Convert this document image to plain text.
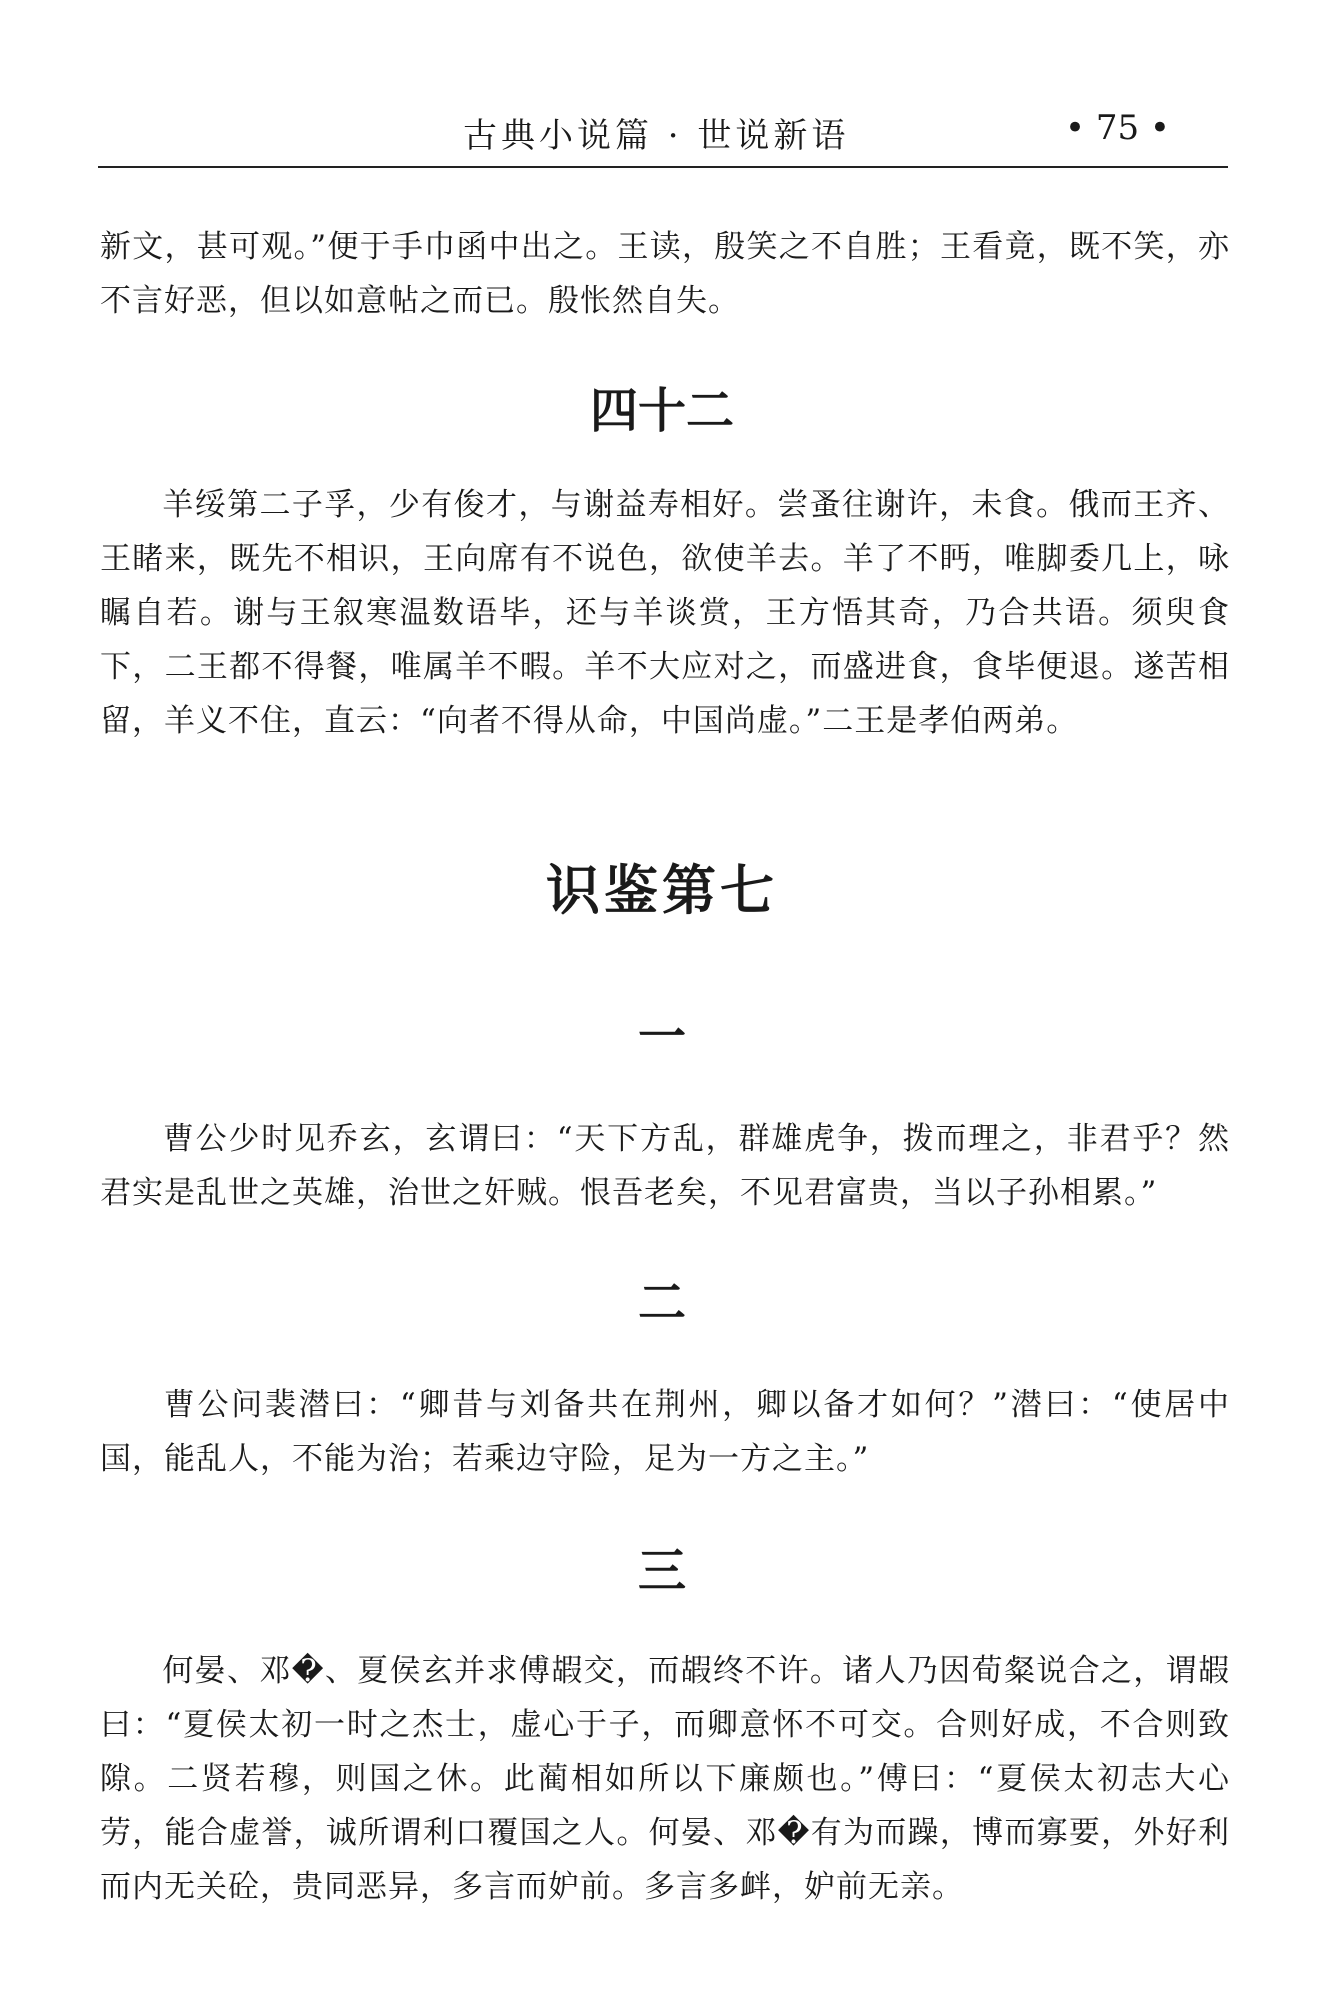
古典小说篇 · 世说新语	• 75 •
新文，甚可观。”便于手巾函中出之。王读，殷笑之不自胜；王看竟，既不笑，亦不言好恶，但以如意帖之而已。殷怅然自失。
四十二
羊绥第二子孚，少有俊才，与谢益寿相好。尝蚤往谢许，未食。俄而王齐、王睹来，既先不相识，王向席有不说色，欲使羊去。羊了不眄，唯脚委几上，咏瞩自若。谢与王叙寒温数语毕，还与羊谈赏，王方悟其奇，乃合共语。须臾食下，二王都不得餐，唯属羊不暇。羊不大应对之，而盛进食，食毕便退。遂苦相留，羊义不住，直云：“向者不得从命，中国尚虚。”二王是孝伯两弟。
识鉴第七
一
曹公少时见乔玄，玄谓曰：“天下方乱，群雄虎争，拨而理之，非君乎？然君实是乱世之英雄，治世之奸贼。恨吾老矣，不见君富贵，当以子孙相累。”
二
曹公问裴潜曰：“卿昔与刘备共在荆州，卿以备才如何？”潜曰：“使居中国，能乱人，不能为治；若乘边守险，足为一方之主。”
三
何晏、邓�、夏侯玄并求傅嘏交，而嘏终不许。诸人乃因荀粲说合之，谓嘏曰：“夏侯太初一时之杰士，虚心于子，而卿意怀不可交。合则好成，不合则致隙。二贤若穆，则国之休。此蔺相如所以下廉颇也。”傅曰：“夏侯太初志大心劳，能合虚誉，诚所谓利口覆国之人。何晏、邓�有为而躁，博而寡要，外好利而内无关砼，贵同恶异，多言而妒前。多言多衅，妒前无亲。
